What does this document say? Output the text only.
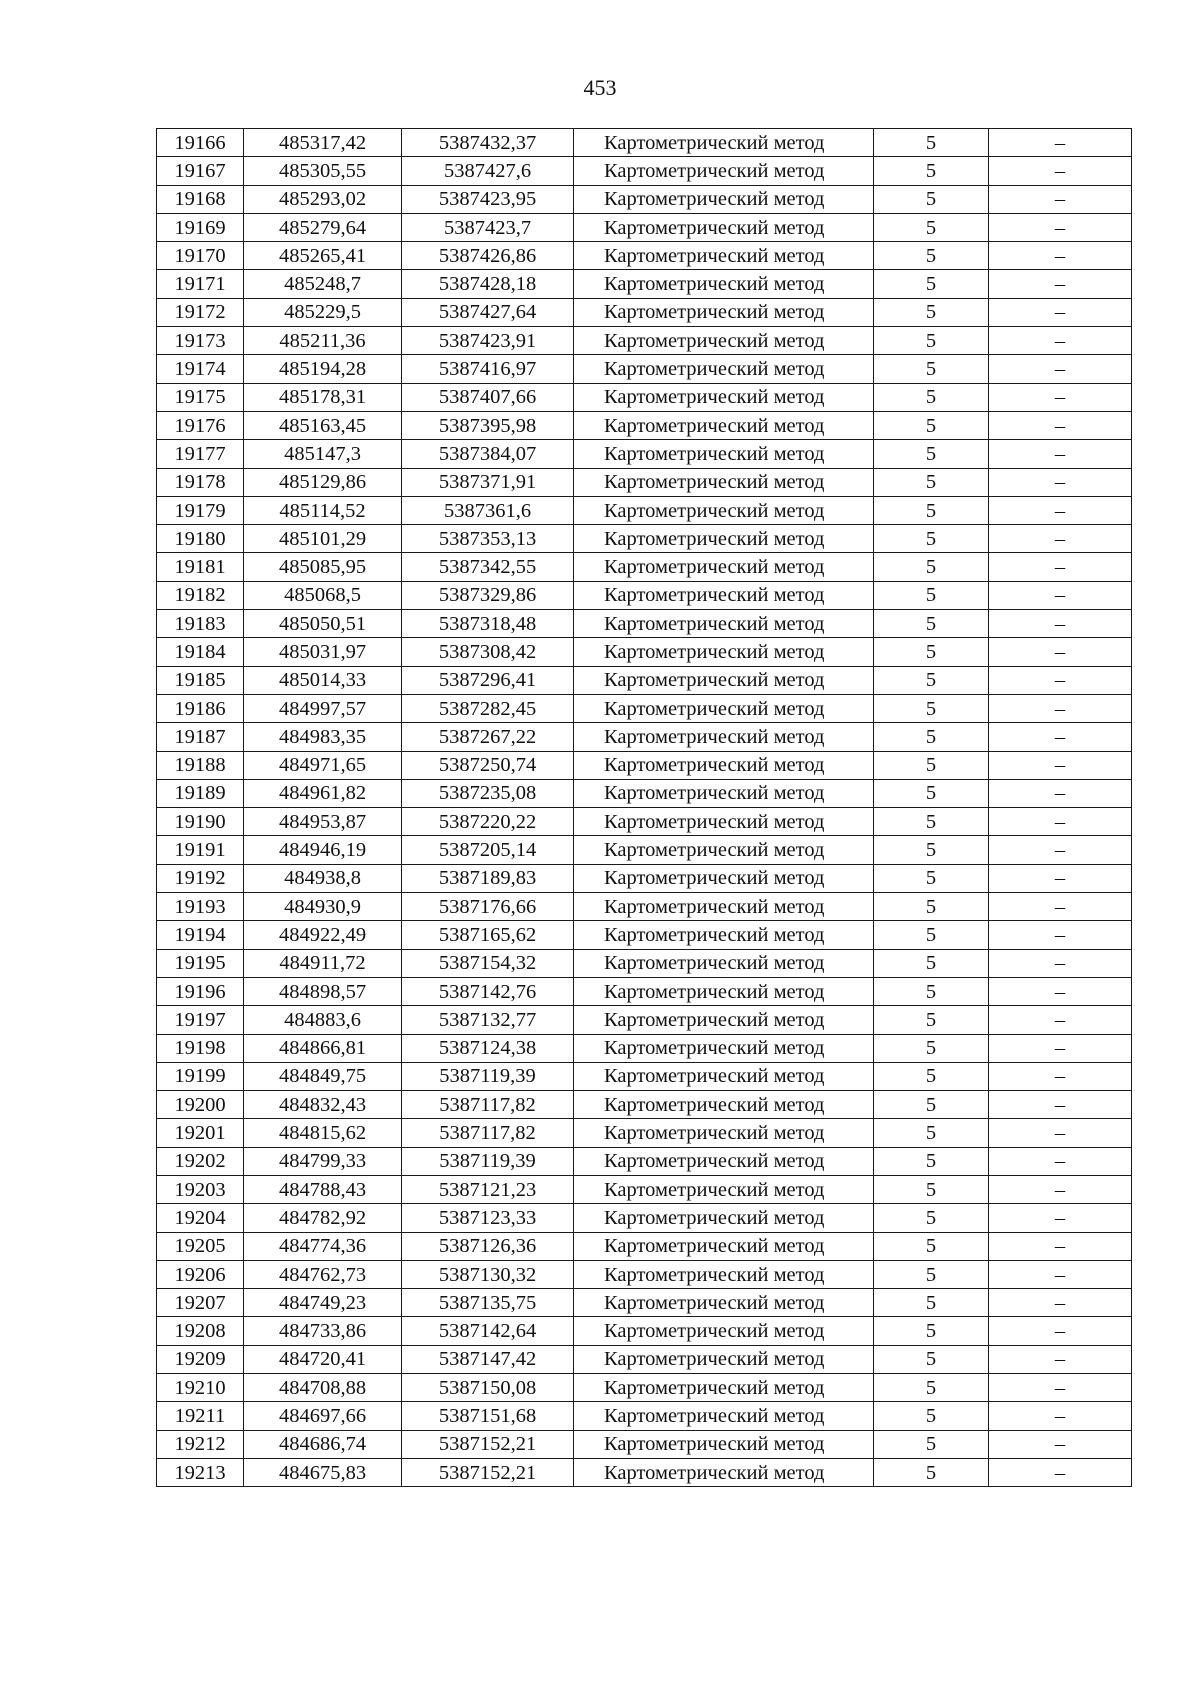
453
19166	485317,42	5387432,37	Картометрический метод	5	–
19167	485305,55	5387427,6	Картометрический метод	5	–
19168	485293,02	5387423,95	Картометрический метод	5	–
19169	485279,64	5387423,7	Картометрический метод	5	–
19170	485265,41	5387426,86	Картометрический метод	5	–
19171	485248,7	5387428,18	Картометрический метод	5	–
19172	485229,5	5387427,64	Картометрический метод	5	–
19173	485211,36	5387423,91	Картометрический метод	5	–
19174	485194,28	5387416,97	Картометрический метод	5	–
19175	485178,31	5387407,66	Картометрический метод	5	–
19176	485163,45	5387395,98	Картометрический метод	5	–
19177	485147,3	5387384,07	Картометрический метод	5	–
19178	485129,86	5387371,91	Картометрический метод	5	–
19179	485114,52	5387361,6	Картометрический метод	5	–
19180	485101,29	5387353,13	Картометрический метод	5	–
19181	485085,95	5387342,55	Картометрический метод	5	–
19182	485068,5	5387329,86	Картометрический метод	5	–
19183	485050,51	5387318,48	Картометрический метод	5	–
19184	485031,97	5387308,42	Картометрический метод	5	–
19185	485014,33	5387296,41	Картометрический метод	5	–
19186	484997,57	5387282,45	Картометрический метод	5	–
19187	484983,35	5387267,22	Картометрический метод	5	–
19188	484971,65	5387250,74	Картометрический метод	5	–
19189	484961,82	5387235,08	Картометрический метод	5	–
19190	484953,87	5387220,22	Картометрический метод	5	–
19191	484946,19	5387205,14	Картометрический метод	5	–
19192	484938,8	5387189,83	Картометрический метод	5	–
19193	484930,9	5387176,66	Картометрический метод	5	–
19194	484922,49	5387165,62	Картометрический метод	5	–
19195	484911,72	5387154,32	Картометрический метод	5	–
19196	484898,57	5387142,76	Картометрический метод	5	–
19197	484883,6	5387132,77	Картометрический метод	5	–
19198	484866,81	5387124,38	Картометрический метод	5	–
19199	484849,75	5387119,39	Картометрический метод	5	–
19200	484832,43	5387117,82	Картометрический метод	5	–
19201	484815,62	5387117,82	Картометрический метод	5	–
19202	484799,33	5387119,39	Картометрический метод	5	–
19203	484788,43	5387121,23	Картометрический метод	5	–
19204	484782,92	5387123,33	Картометрический метод	5	–
19205	484774,36	5387126,36	Картометрический метод	5	–
19206	484762,73	5387130,32	Картометрический метод	5	–
19207	484749,23	5387135,75	Картометрический метод	5	–
19208	484733,86	5387142,64	Картометрический метод	5	–
19209	484720,41	5387147,42	Картометрический метод	5	–
19210	484708,88	5387150,08	Картометрический метод	5	–
19211	484697,66	5387151,68	Картометрический метод	5	–
19212	484686,74	5387152,21	Картометрический метод	5	–
19213	484675,83	5387152,21	Картометрический метод	5	–
